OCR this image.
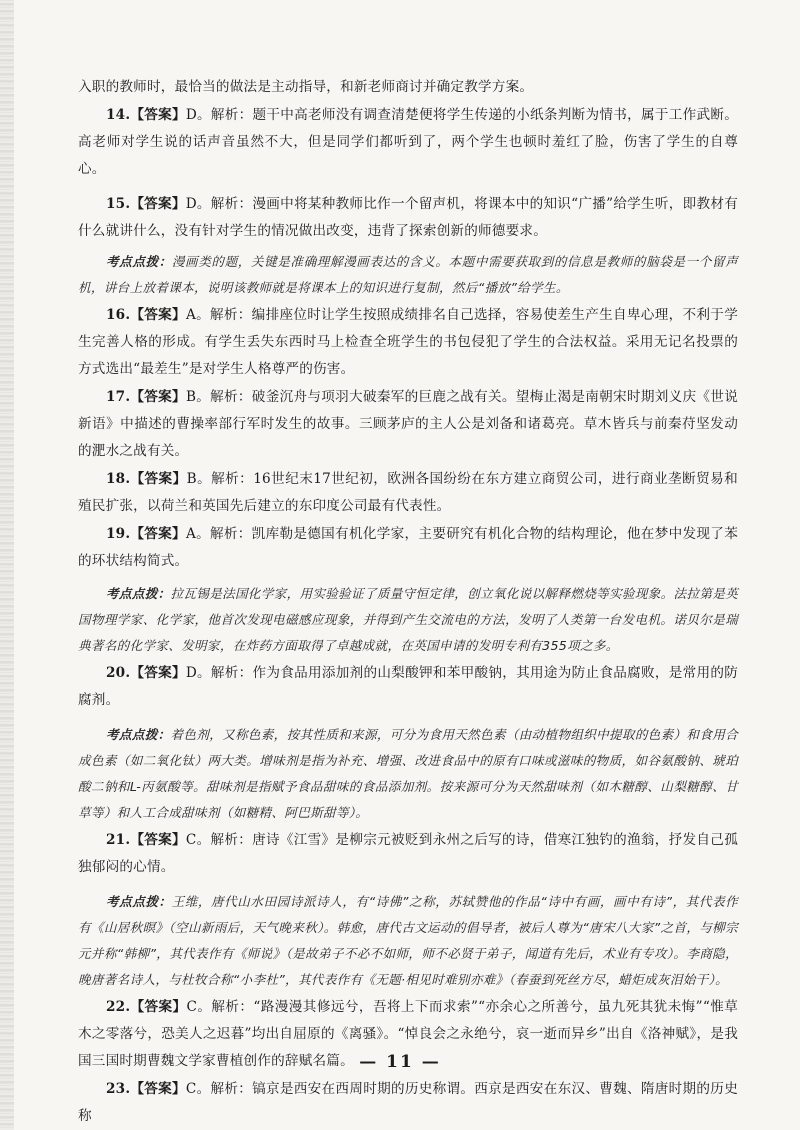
入职的教师时，最恰当的做法是主动指导，和新老师商讨并确定教学方案。

14.【答案】D。解析：题干中高老师没有调查清楚便将学生传递的小纸条判断为情书，属于工作武断。高老师对学生说的话声音虽然不大，但是同学们都听到了，两个学生也顿时羞红了脸，伤害了学生的自尊心。

15.【答案】D。解析：漫画中将某种教师比作一个留声机，将课本中的知识“广播”给学生听，即教材有什么就讲什么，没有针对学生的情况做出改变，违背了探索创新的师德要求。

考点点拨：漫画类的题，关键是准确理解漫画表达的含义。本题中需要获取到的信息是教师的脑袋是一个留声机，讲台上放着课本，说明该教师就是将课本上的知识进行复制，然后“播放”给学生。

16.【答案】A。解析：编排座位时让学生按照成绩排名自己选择，容易使差生产生自卑心理，不利于学生完善人格的形成。有学生丢失东西时马上检查全班学生的书包侵犯了学生的合法权益。采用无记名投票的方式选出“最差生”是对学生人格尊严的伤害。

17.【答案】B。解析：破釜沉舟与项羽大破秦军的巨鹿之战有关。望梅止渴是南朝宋时期刘义庆《世说新语》中描述的曹操率部行军时发生的故事。三顾茅庐的主人公是刘备和诸葛亮。草木皆兵与前秦苻坚发动的淝水之战有关。

18.【答案】B。解析：16世纪末17世纪初，欧洲各国纷纷在东方建立商贸公司，进行商业垄断贸易和殖民扩张，以荷兰和英国先后建立的东印度公司最有代表性。

19.【答案】A。解析：凯库勒是德国有机化学家，主要研究有机化合物的结构理论，他在梦中发现了苯的环状结构简式。

考点点拨：拉瓦锡是法国化学家，用实验验证了质量守恒定律，创立氧化说以解释燃烧等实验现象。法拉第是英国物理学家、化学家，他首次发现电磁感应现象，并得到产生交流电的方法，发明了人类第一台发电机。诺贝尔是瑞典著名的化学家、发明家，在炸药方面取得了卓越成就，在英国申请的发明专利有355项之多。

20.【答案】D。解析：作为食品用添加剂的山梨酸钾和苯甲酸钠，其用途为防止食品腐败，是常用的防腐剂。

考点点拨：着色剂，又称色素，按其性质和来源，可分为食用天然色素（由动植物组织中提取的色素）和食用合成色素（如二氧化钛）两大类。增味剂是指为补充、增强、改进食品中的原有口味或滋味的物质，如谷氨酸钠、琥珀酸二钠和L-丙氨酸等。甜味剂是指赋予食品甜味的食品添加剂。按来源可分为天然甜味剂（如木糖醇、山梨糖醇、甘草等）和人工合成甜味剂（如糖精、阿巴斯甜等）。

21.【答案】C。解析：唐诗《江雪》是柳宗元被贬到永州之后写的诗，借寒江独钓的渔翁，抒发自己孤独郁闷的心情。

考点点拨：王维，唐代山水田园诗派诗人，有“诗佛”之称，苏轼赞他的作品“诗中有画，画中有诗”，其代表作有《山居秋暝》（空山新雨后，天气晚来秋）。韩愈，唐代古文运动的倡导者，被后人尊为“唐宋八大家”之首，与柳宗元并称“韩柳”，其代表作有《师说》（是故弟子不必不如师，师不必贤于弟子，闻道有先后，术业有专攻）。李商隐，晚唐著名诗人，与杜牧合称“小李杜”，其代表作有《无题·相见时难别亦难》（春蚕到死丝方尽，蜡炬成灰泪始干）。

22.【答案】C。解析：“路漫漫其修远兮，吾将上下而求索”“亦余心之所善兮，虽九死其犹未悔”“惟草木之零落兮，恐美人之迟暮”均出自屈原的《离骚》。“悼良会之永绝兮，哀一逝而异乡”出自《洛神赋》，是我国三国时期曹魏文学家曹植创作的辞赋名篇。

23.【答案】C。解析：镐京是西安在西周时期的历史称谓。西京是西安在东汉、曹魏、隋唐时期的历史称

— 11 —
